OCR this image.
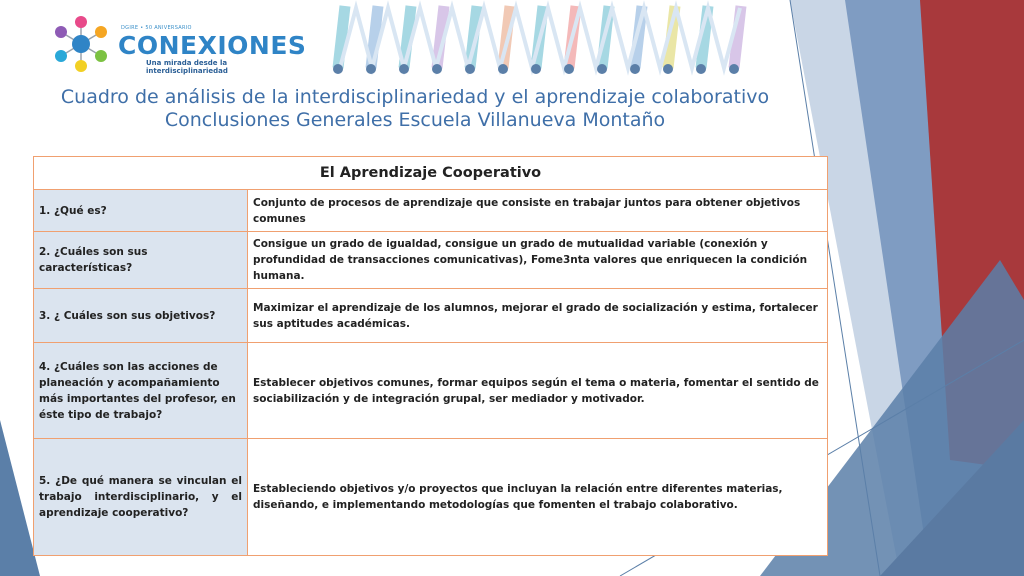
DGIRE • 50 ANIVERSARIO
CONEXIONES
Una mirada desde la interdisciplinariedad
Cuadro de análisis de la interdisciplinariedad y el aprendizaje colaborativo
Conclusiones Generales Escuela Villanueva Montaño
El Aprendizaje Cooperativo	
1. ¿Qué es?	Conjunto de procesos de aprendizaje que consiste en trabajar juntos para obtener objetivos comunes
2. ¿Cuáles son sus características?	Consigue un grado de igualdad, consigue un grado de mutualidad variable (conexión y profundidad de transacciones comunicativas), Fome3nta valores que enriquecen la condición humana.
3. ¿ Cuáles son sus objetivos?	Maximizar el aprendizaje de los alumnos, mejorar el grado de socialización y estima, fortalecer sus aptitudes académicas.
4. ¿Cuáles son las acciones de planeación y acompañamiento más importantes del profesor, en éste tipo de trabajo?	Establecer objetivos comunes, formar equipos según el tema o materia, fomentar el sentido de sociabilización y de integración grupal, ser mediador y motivador.
5. ¿De qué manera se vinculan el trabajo interdisciplinario, y el aprendizaje cooperativo?	Estableciendo objetivos y/o proyectos que incluyan la relación entre diferentes materias, diseñando, e implementando metodologías que fomenten el trabajo colaborativo.
